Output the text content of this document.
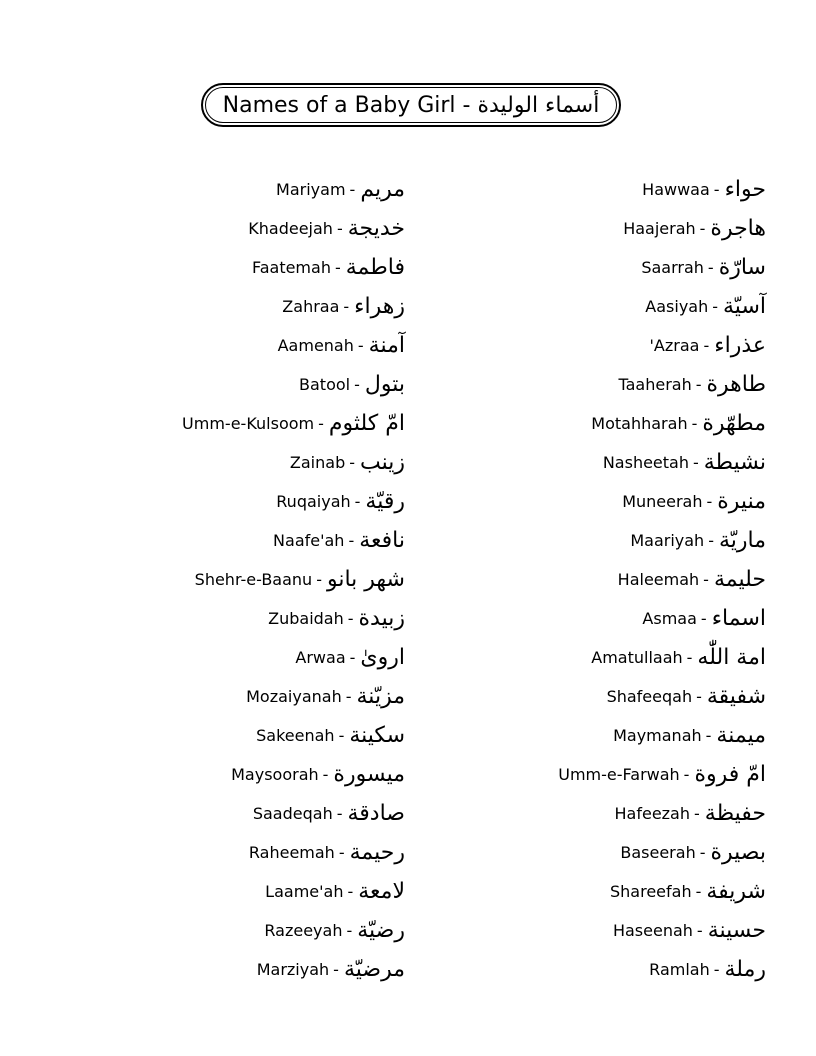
Names of a Baby Girl - أسماء الوليدة
Mariyam - مريم
Khadeejah - خديجة
Faatemah - فاطمة
Zahraa - زهراء
Aamenah - آمنة
Batool - بتول
Umm-e-Kulsoom - امّ كلثوم
Zainab - زينب
Ruqaiyah - رقيّة
Naafe'ah - نافعة
Shehr-e-Baanu - شهر بانو
Zubaidah - زبيدة
Arwaa - اروىٰ
Mozaiyanah - مزيّنة
Sakeenah - سكينة
Maysoorah - ميسورة
Saadeqah - صادقة
Raheemah - رحيمة
Laame'ah - لامعة
Razeeyah - رضيّة
Marziyah - مرضيّة
Hawwaa - حواء
Haajerah - هاجرة
Saarrah - سارّة
Aasiyah - آسيّة
'Azraa - عذراء
Taaherah - طاهرة
Motahharah - مطهّرة
Nasheetah - نشيطة
Muneerah - منيرة
Maariyah - ماريّة
Haleemah - حليمة
Asmaa - اسماء
Amatullaah - امة اللّٰه
Shafeeqah - شفيقة
Maymanah - ميمنة
Umm-e-Farwah - امّ فروة
Hafeezah - حفيظة
Baseerah - بصيرة
Shareefah - شريفة
Haseenah - حسينة
Ramlah - رملة
